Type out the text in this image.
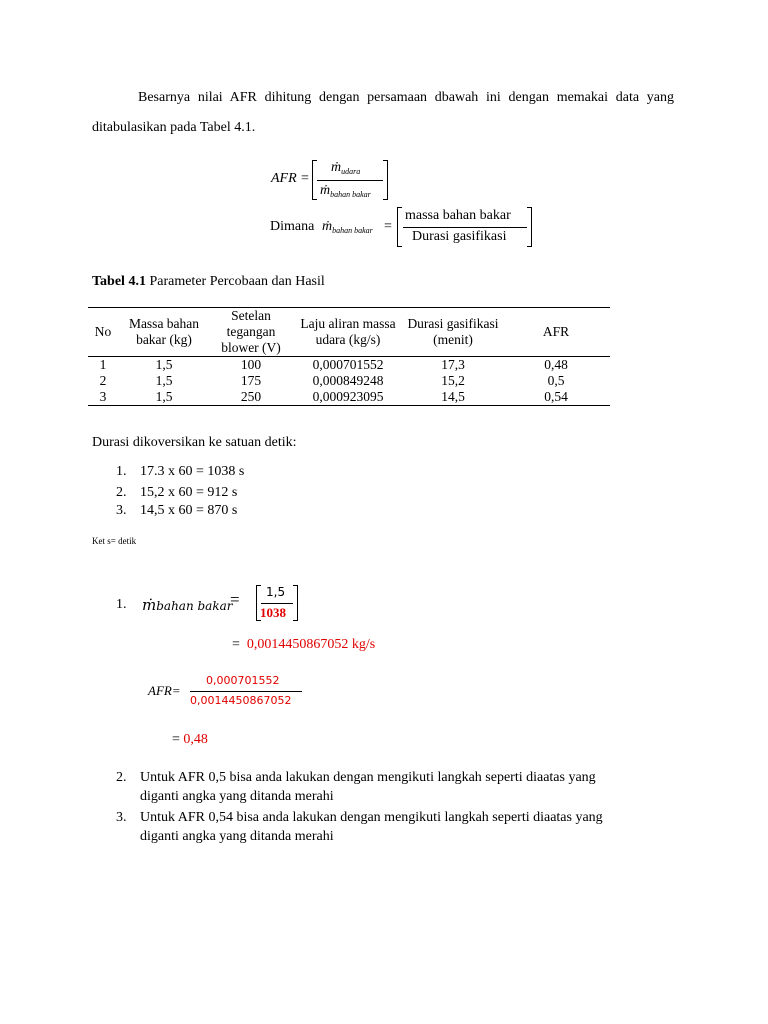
Besarnya nilai AFR dihitung dengan persamaan dbawah ini dengan memakai data yang ditabulasikan pada Tabel 4.1.
AFR =
ṁ$_{udara}$
ṁ$_{bahan bakar}$
Dimana ṁ$_{bahan bakar}$ =
massa bahan bakar
Durasi gasifikasi
Tabel 4.1 Parameter Percobaan dan Hasil
No	Massa bahan bakar (kg)	Setelan tegangan blower (V)	Laju aliran massa udara (kg/s)	Durasi gasifikasi (menit)	AFR
1	1,5	100	0,000701552	17,3	0,48
2	1,5	175	0,000849248	15,2	0,5
3	1,5	250	0,000923095	14,5	0,54
Durasi dikoversikan ke satuan detik:
1. 17.3 x 60 = 1038 s
2. 15,2 x 60 = 912 s
3. 14,5 x 60 = 870 s
Ket s= detik
1. ṁbahan bakar
= 1,5
1038
= 0,0014450867052 kg/s
AFR=
0,000701552
0,0014450867052
= 0,48
2. Untuk AFR 0,5 bisa anda lakukan dengan mengikuti langkah seperti diaatas yang
diganti angka yang ditanda merahi
3. Untuk AFR 0,54 bisa anda lakukan dengan mengikuti langkah seperti diaatas yang
diganti angka yang ditanda merahi
